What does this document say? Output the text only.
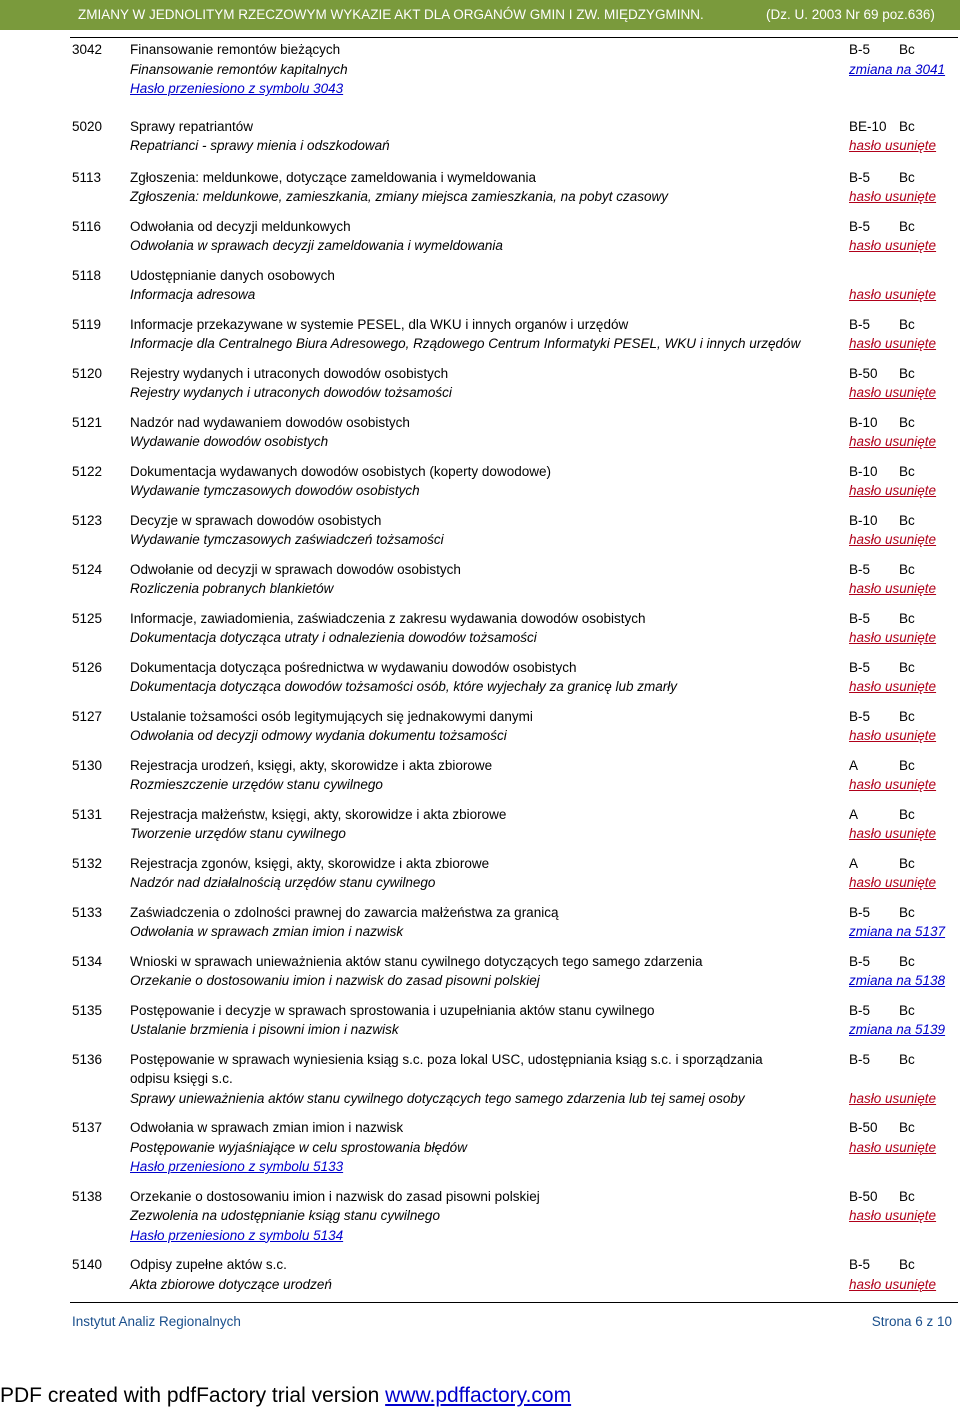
ZMIANY W JEDNOLITYM RZECZOWYM WYKAZIE AKT DLA ORGANÓW GMIN I ZW. MIĘDZYGMINN.	(Dz. U. 2003 Nr 69 poz.636)
3042 Finansowanie remontów bieżących	B-5 Bc
Finansowanie remontów kapitalnych	zmiana na 3041
Hasło przeniesiono z symbolu 3043
5020 Sprawy repatriantów	BE-10 Bc
Repatrianci - sprawy mienia i odszkodowań	hasło usunięte
5113 Zgłoszenia: meldunkowe, dotyczące zameldowania i wymeldowania	B-5 Bc
Zgłoszenia: meldunkowe, zamieszkania, zmiany miejsca zamieszkania, na pobyt czasowy	hasło usunięte
5116 Odwołania od decyzji meldunkowych	B-5 Bc
Odwołania w sprawach decyzji zameldowania i wymeldowania	hasło usunięte
5118 Udostępnianie danych osobowych
Informacja adresowa	hasło usunięte
5119 Informacje przekazywane w systemie PESEL, dla WKU i innych organów i urzędów	B-5 Bc
Informacje dla Centralnego Biura Adresowego, Rządowego Centrum Informatyki PESEL, WKU i innych urzędów	hasło usunięte
5120 Rejestry wydanych i utraconych dowodów osobistych	B-50 Bc
Rejestry wydanych i utraconych dowodów tożsamości	hasło usunięte
5121 Nadzór nad wydawaniem dowodów osobistych	B-10 Bc
Wydawanie dowodów osobistych	hasło usunięte
5122 Dokumentacja wydawanych dowodów osobistych (koperty dowodowe)	B-10 Bc
Wydawanie tymczasowych dowodów osobistych	hasło usunięte
5123 Decyzje w sprawach dowodów osobistych	B-10 Bc
Wydawanie tymczasowych zaświadczeń tożsamości	hasło usunięte
5124 Odwołanie od decyzji w sprawach dowodów osobistych	B-5 Bc
Rozliczenia pobranych blankietów	hasło usunięte
5125 Informacje, zawiadomienia, zaświadczenia z zakresu wydawania dowodów osobistych	B-5 Bc
Dokumentacja dotycząca utraty i odnalezienia dowodów tożsamości	hasło usunięte
5126 Dokumentacja dotycząca pośrednictwa w wydawaniu dowodów osobistych	B-5 Bc
Dokumentacja dotycząca dowodów tożsamości osób, które wyjechały za granicę lub zmarły	hasło usunięte
5127 Ustalanie tożsamości osób legitymujących się jednakowymi danymi	B-5 Bc
Odwołania od decyzji odmowy wydania dokumentu tożsamości	hasło usunięte
5130 Rejestracja urodzeń, księgi, akty, skorowidze i akta zbiorowe	A	Bc
Rozmieszczenie urzędów stanu cywilnego	hasło usunięte
5131 Rejestracja małżeństw, księgi, akty, skorowidze i akta zbiorowe	A	Bc
Tworzenie urzędów stanu cywilnego	hasło usunięte
5132 Rejestracja zgonów, księgi, akty, skorowidze i akta zbiorowe	A	Bc
Nadzór nad działalnością urzędów stanu cywilnego	hasło usunięte
5133 Zaświadczenia o zdolności prawnej do zawarcia małżeństwa za granicą	B-5 Bc
Odwołania w sprawach zmian imion i nazwisk	zmiana na 5137
5134 Wnioski w sprawach unieważnienia aktów stanu cywilnego dotyczących tego samego zdarzenia	B-5 Bc
Orzekanie o dostosowaniu imion i nazwisk do zasad pisowni polskiej	zmiana na 5138
5135 Postępowanie i decyzje w sprawach sprostowania i uzupełniania aktów stanu cywilnego	B-5 Bc
Ustalanie brzmienia i pisowni imion i nazwisk	zmiana na 5139
5136 Postępowanie w sprawach wyniesienia ksiąg s.c. poza lokal USC, udostępniania ksiąg s.c. i sporządzania odpisu księgi s.c.
B-5 Bc
Sprawy unieważnienia aktów stanu cywilnego dotyczących tego samego zdarzenia lub tej samej osoby	hasło usunięte
5137 Odwołania w sprawach zmian imion i nazwisk	B-50 Bc
Postępowanie wyjaśniające w celu sprostowania błędów	hasło usunięte
Hasło przeniesiono z symbolu 5133
5138 Orzekanie o dostosowaniu imion i nazwisk do zasad pisowni polskiej	B-50 Bc
Zezwolenia na udostępnianie ksiąg stanu cywilnego	hasło usunięte
Hasło przeniesiono z symbolu 5134
5140 Odpisy zupełne aktów s.c.	B-5 Bc
Akta zbiorowe dotyczące urodzeń	hasło usunięte
Instytut Analiz Regionalnych	Strona 6 z 10
PDF created with pdfFactory trial version www.pdffactory.com
